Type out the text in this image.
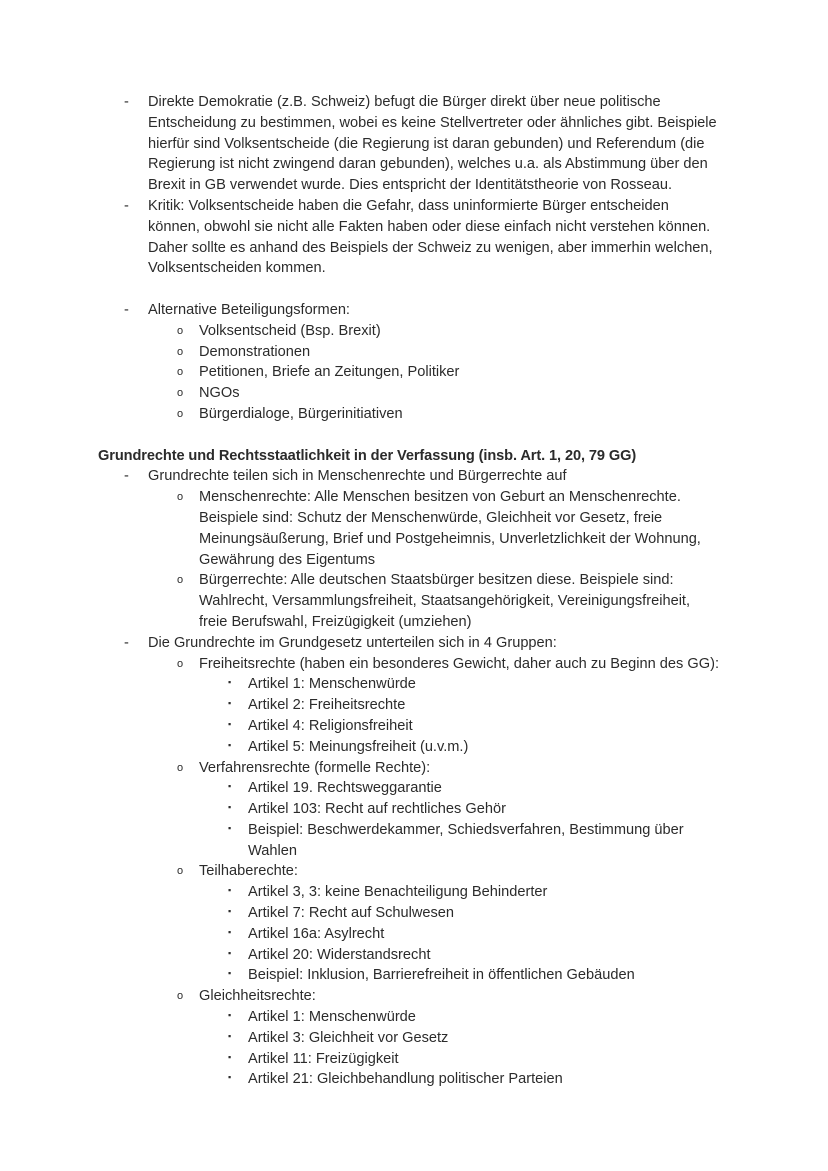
-	Direkte Demokratie (z.B. Schweiz) befugt die Bürger direkt über neue politische Entscheidung zu bestimmen, wobei es keine Stellvertreter oder ähnliches gibt. Beispiele hierfür sind Volksentscheide (die Regierung ist daran gebunden) und Referendum (die Regierung ist nicht zwingend daran gebunden), welches u.a. als Abstimmung über den Brexit in GB verwendet wurde. Dies entspricht der Identitätstheorie von Rosseau.
-	Kritik: Volksentscheide haben die Gefahr, dass uninformierte Bürger entscheiden können, obwohl sie nicht alle Fakten haben oder diese einfach nicht verstehen können. Daher sollte es anhand des Beispiels der Schweiz zu wenigen, aber immerhin welchen, Volksentscheiden kommen.
-	Alternative Beteiligungsformen:
o	Volksentscheid (Bsp. Brexit)
o	Demonstrationen
o	Petitionen, Briefe an Zeitungen, Politiker
o	NGOs
o	Bürgerdialoge, Bürgerinitiativen
Grundrechte und Rechtsstaatlichkeit in der Verfassung (insb. Art. 1, 20, 79 GG)
-	Grundrechte teilen sich in Menschenrechte und Bürgerrechte auf
o	Menschenrechte: Alle Menschen besitzen von Geburt an Menschenrechte. Beispiele sind: Schutz der Menschenwürde, Gleichheit vor Gesetz, freie Meinungsäußerung, Brief und Postgeheimnis, Unverletzlichkeit der Wohnung, Gewährung des Eigentums
o	Bürgerrechte: Alle deutschen Staatsbürger besitzen diese. Beispiele sind: Wahlrecht, Versammlungsfreiheit, Staatsangehörigkeit, Vereinigungsfreiheit, freie Berufswahl, Freizügigkeit (umziehen)
-	Die Grundrechte im Grundgesetz unterteilen sich in 4 Gruppen:
o	Freiheitsrechte (haben ein besonderes Gewicht, daher auch zu Beginn des GG):
▪	Artikel 1: Menschenwürde
▪	Artikel 2: Freiheitsrechte
▪	Artikel 4: Religionsfreiheit
▪	Artikel 5: Meinungsfreiheit (u.v.m.)
o	Verfahrensrechte (formelle Rechte):
▪	Artikel 19. Rechtsweggarantie
▪	Artikel 103: Recht auf rechtliches Gehör
▪	Beispiel: Beschwerdekammer, Schiedsverfahren, Bestimmung über Wahlen
o	Teilhaberechte:
▪	Artikel 3, 3: keine Benachteiligung Behinderter
▪	Artikel 7: Recht auf Schulwesen
▪	Artikel 16a: Asylrecht
▪	Artikel 20: Widerstandsrecht
▪	Beispiel: Inklusion, Barrierefreiheit in öffentlichen Gebäuden
o	Gleichheitsrechte:
▪	Artikel 1: Menschenwürde
▪	Artikel 3: Gleichheit vor Gesetz
▪	Artikel 11: Freizügigkeit
▪	Artikel 21: Gleichbehandlung politischer Parteien
